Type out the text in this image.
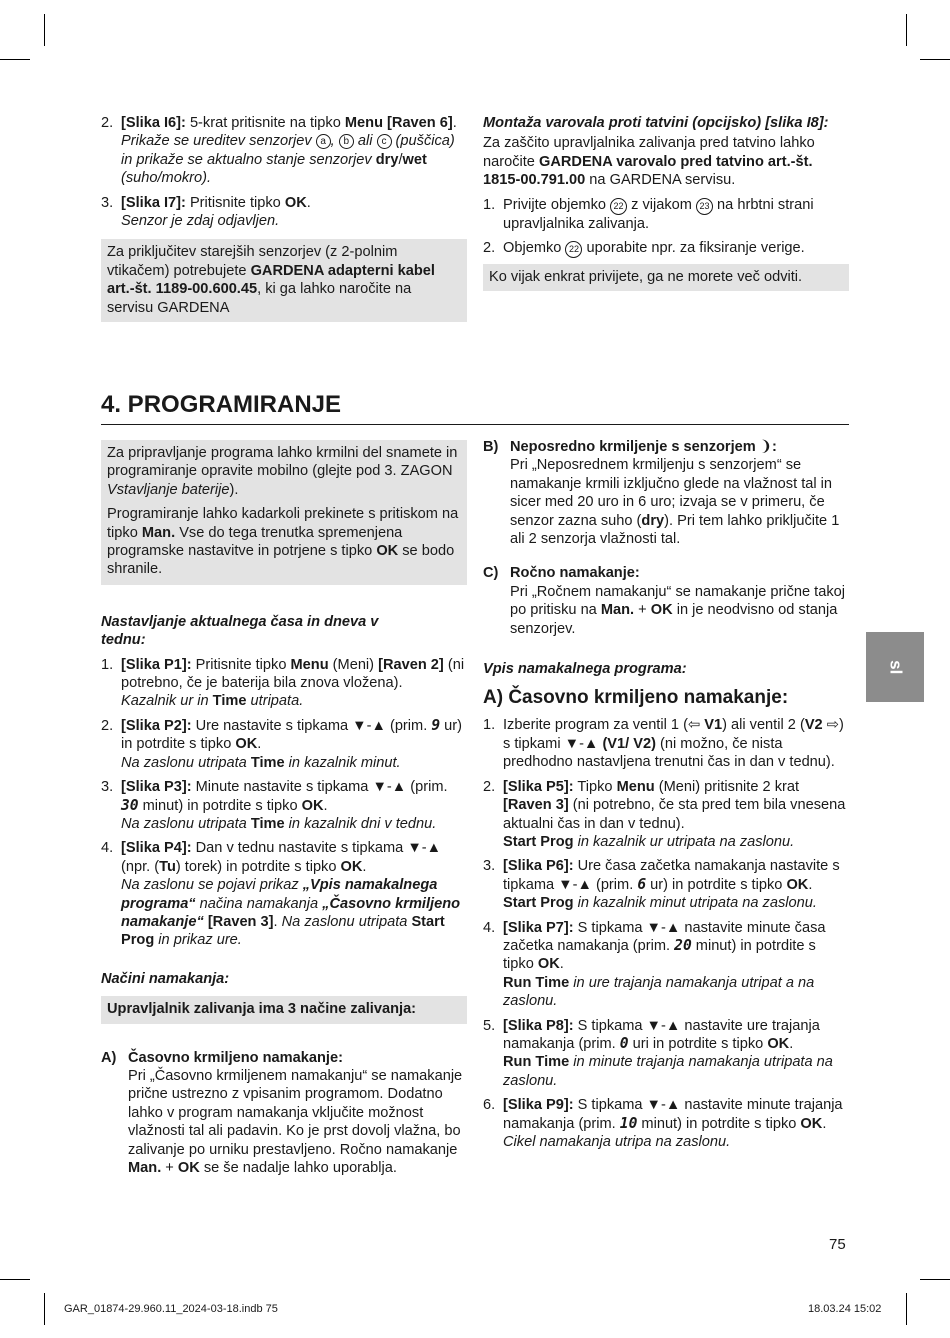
2. [Slika I6]: 5-krat pritisnite na tipko Menu [Raven 6].
Prikaže se ureditev senzorjev a , b ali c (puščica) in prikaže se aktualno stanje senzorjev dry/wet (suho/mokro).

3. [Slika I7]: Pritisnite tipko OK.
Senzor je zdaj odjavljen.

Za priključitev starejših senzorjev (z 2-polnim vtikačem) potrebujete GARDENA adapterni kabel art.-št. 1189-00.600.45, ki ga lahko naročite na servisu GARDENA

Montaža varovala proti tatvini (opcijsko) [slika I8]:

Za zaščito upravljalnika zalivanja pred tatvino lahko naročite GARDENA varovalo pred tatvino art.-št. 1815-00.791.00 na GARDENA servisu.

1. Privijte objemko 22 z vijakom 23 na hrbtni strani upravljalnika zalivanja.

2. Objemko 22 uporabite npr. za fiksiranje verige.

Ko vijak enkrat privijete, ga ne morete več odviti.

4. PROGRAMIRANJE
sl

Za pripravljanje programa lahko krmilni del snamete in programiranje opravite mobilno (glejte pod 3. ZAGON Vstavljanje baterije).

Programiranje lahko kadarkoli prekinete s pritiskom na tipko Man. Vse do tega trenutka spremenjena programske nastavitve in potrjene s tipko OK se bodo shranile.

Nastavljanje aktualnega časa in dneva v tednu:

1. [Slika P1]: Pritisnite tipko Menu (Meni) [Raven 2] (ni potrebno, če je baterija bila znova vložena).
Kazalnik ur in Time utripata.

2. [Slika P2]: Ure nastavite s tipkama ▼-▲ (prim. 9 ur) in potrdite s tipko OK.
Na zaslonu utripata Time in kazalnik minut.

3. [Slika P3]: Minute nastavite s tipkama ▼-▲ (prim. 30 minut) in potrdite s tipko OK.
Na zaslonu utripata Time in kazalnik dni v tednu.

4. [Slika P4]: Dan v tednu nastavite s tipkama ▼-▲ (npr. (Tu) torek) in potrdite s tipko OK.
Na zaslonu se pojavi prikaz „Vpis namakalnega programa“ načina namakanja „Časovno krmiljeno namakanje“ [Raven 3]. Na zaslonu utripata Start Prog in prikaz ure.

Načini namakanja:

Upravljalnik zalivanja ima 3 načine zalivanja:

A) Časovno krmiljeno namakanje:

Pri „Časovno krmiljenem namakanju“ se namakanje prične ustrezno z vpisanim programom. Dodatno lahko v program namakanja vključite možnost vlažnosti tal ali padavin. Ko je prst dovolj vlažna, bo zalivanje po urniku prestavljeno. Ročno namakanje Man. + OK se še nadalje lahko uporablja.

B) Neposredno krmiljenje s senzorjem ❩:

Pri „Neposrednem krmiljenju s senzorjem“ se namakanje krmili izključno glede na vlažnost tal in sicer med 20 uro in 6 uro; izvaja se v primeru, če senzor zazna suho (dry). Pri tem lahko priključite 1 ali 2 senzorja vlažnosti tal.

C) Ročno namakanje:

Pri „Ročnem namakanju“ se namakanje prične takoj po pritisku na Man. + OK in je neodvisno od stanja senzorjev.

Vpis namakalnega programa:

A) Časovno krmiljeno namakanje:

1. Izberite program za ventil 1 (⇦ V1) ali ventil 2 (V2 ⇨) s tipkami ▼-▲ (V1/ V2) (ni možno, če nista predhodno nastavljena trenutni čas in dan v tednu).

2. [Slika P5]: Tipko Menu (Meni) pritisnite 2 krat [Raven 3] (ni potrebno, če sta pred tem bila vnesena aktualni čas in dan v tednu).
Start Prog in kazalnik ur utripata na zaslonu.

3. [Slika P6]: Ure časa začetka namakanja nastavite s tipkama ▼-▲ (prim. 6 ur) in potrdite s tipko OK.
Start Prog in kazalnik minut utripata na zaslonu.

4. [Slika P7]: S tipkama ▼-▲ nastavite minute časa začetka namakanja (prim. 20 minut) in potrdite s tipko OK.
Run Time in ure trajanja namakanja utripat a na zaslonu.

5. [Slika P8]: S tipkama ▼-▲ nastavite ure trajanja namakanja (prim. 0 uri in potrdite s tipko OK.
Run Time in minute trajanja namakanja utripata na zaslonu.

6. [Slika P9]: S tipkama ▼-▲ nastavite minute trajanja namakanja (prim. 10 minut) in potrdite s tipko OK.
Cikel namakanja utripa na zaslonu.

75
GAR_01874-29.960.11_2024-03-18.indb 75	18.03.24 15:02
